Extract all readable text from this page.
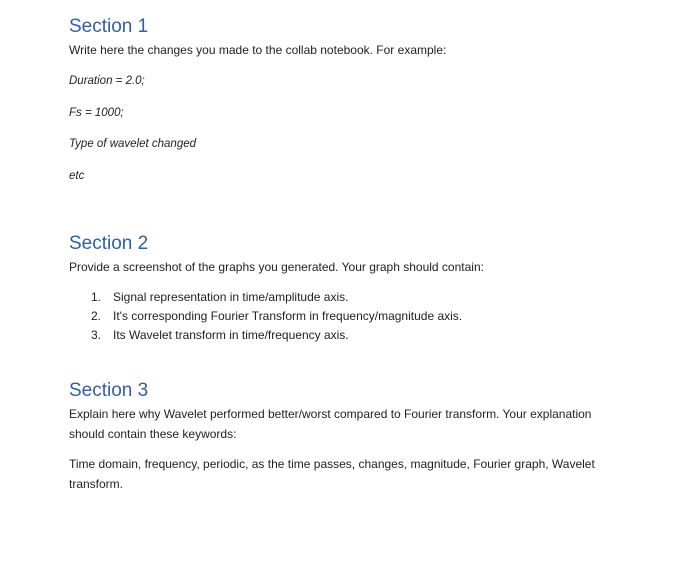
Section 1

Write here the changes you made to the collab notebook. For example:

Duration = 2.0;

Fs = 1000;

Type of wavelet changed

etc

Section 2

Provide a screenshot of the graphs you generated. Your graph should contain:

1. Signal representation in time/amplitude axis.
2. It's corresponding Fourier Transform in frequency/magnitude axis.
3. Its Wavelet transform in time/frequency axis.
Section 3

Explain here why Wavelet performed better/worst compared to Fourier transform. Your explanation should contain these keywords:

Time domain, frequency, periodic, as the time passes, changes, magnitude, Fourier graph, Wavelet transform.
